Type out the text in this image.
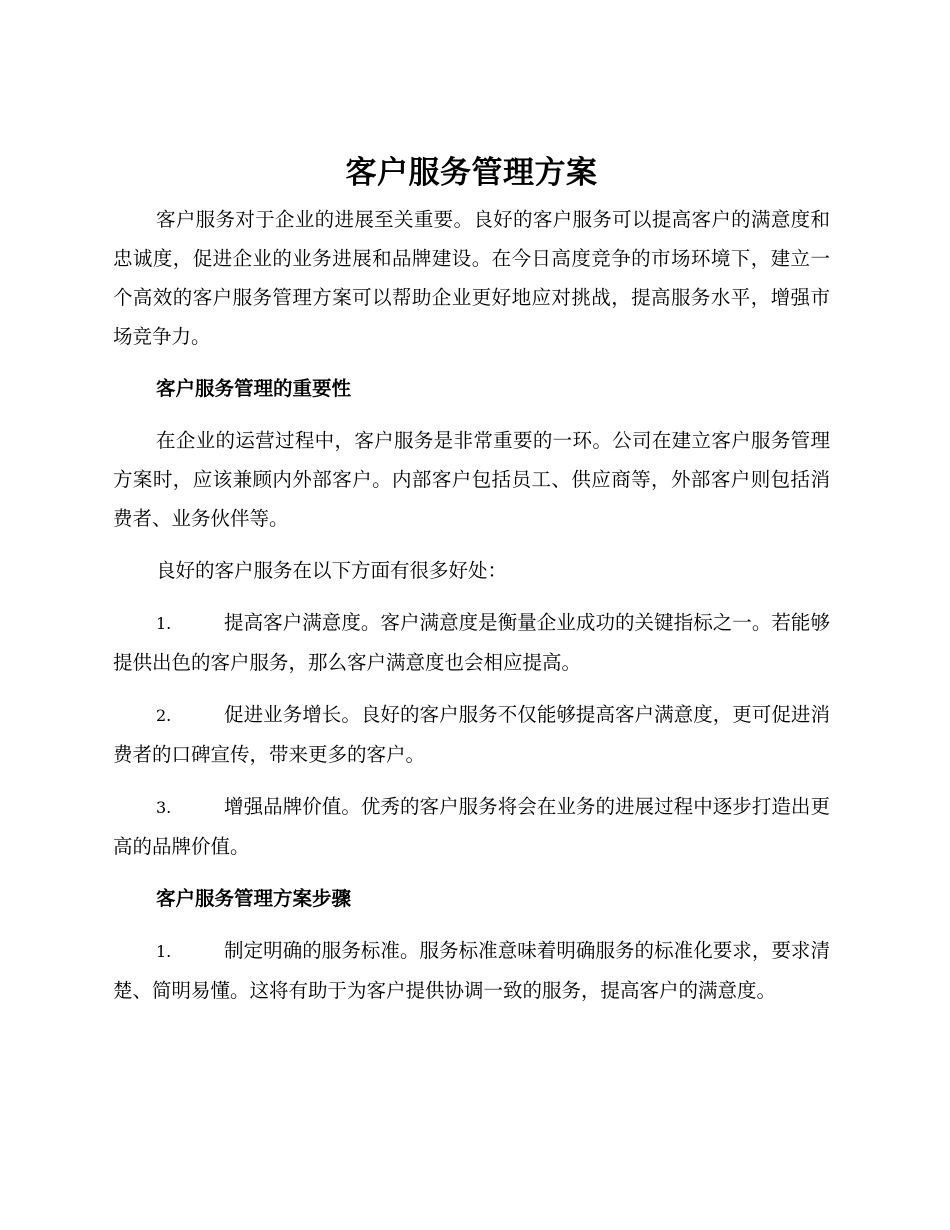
客户服务管理方案

客户服务对于企业的进展至关重要。良好的客户服务可以提高客户的满意度和忠诚度，促进企业的业务进展和品牌建设。在今日高度竞争的市场环境下，建立一个高效的客户服务管理方案可以帮助企业更好地应对挑战，提高服务水平，增强市场竞争力。

客户服务管理的重要性

在企业的运营过程中，客户服务是非常重要的一环。公司在建立客户服务管理方案时，应该兼顾内外部客户。内部客户包括员工、供应商等，外部客户则包括消费者、业务伙伴等。

良好的客户服务在以下方面有很多好处：

1.	提高客户满意度。客户满意度是衡量企业成功的关键指标之一。若能够提供出色的客户服务，那么客户满意度也会相应提高。

2.	促进业务增长。良好的客户服务不仅能够提高客户满意度，更可促进消费者的口碑宣传，带来更多的客户。

3.	增强品牌价值。优秀的客户服务将会在业务的进展过程中逐步打造出更高的品牌价值。

客户服务管理方案步骤

1.	制定明确的服务标准。服务标准意味着明确服务的标准化要求，要求清楚、简明易懂。这将有助于为客户提供协调一致的服务，提高客户的满意度。
